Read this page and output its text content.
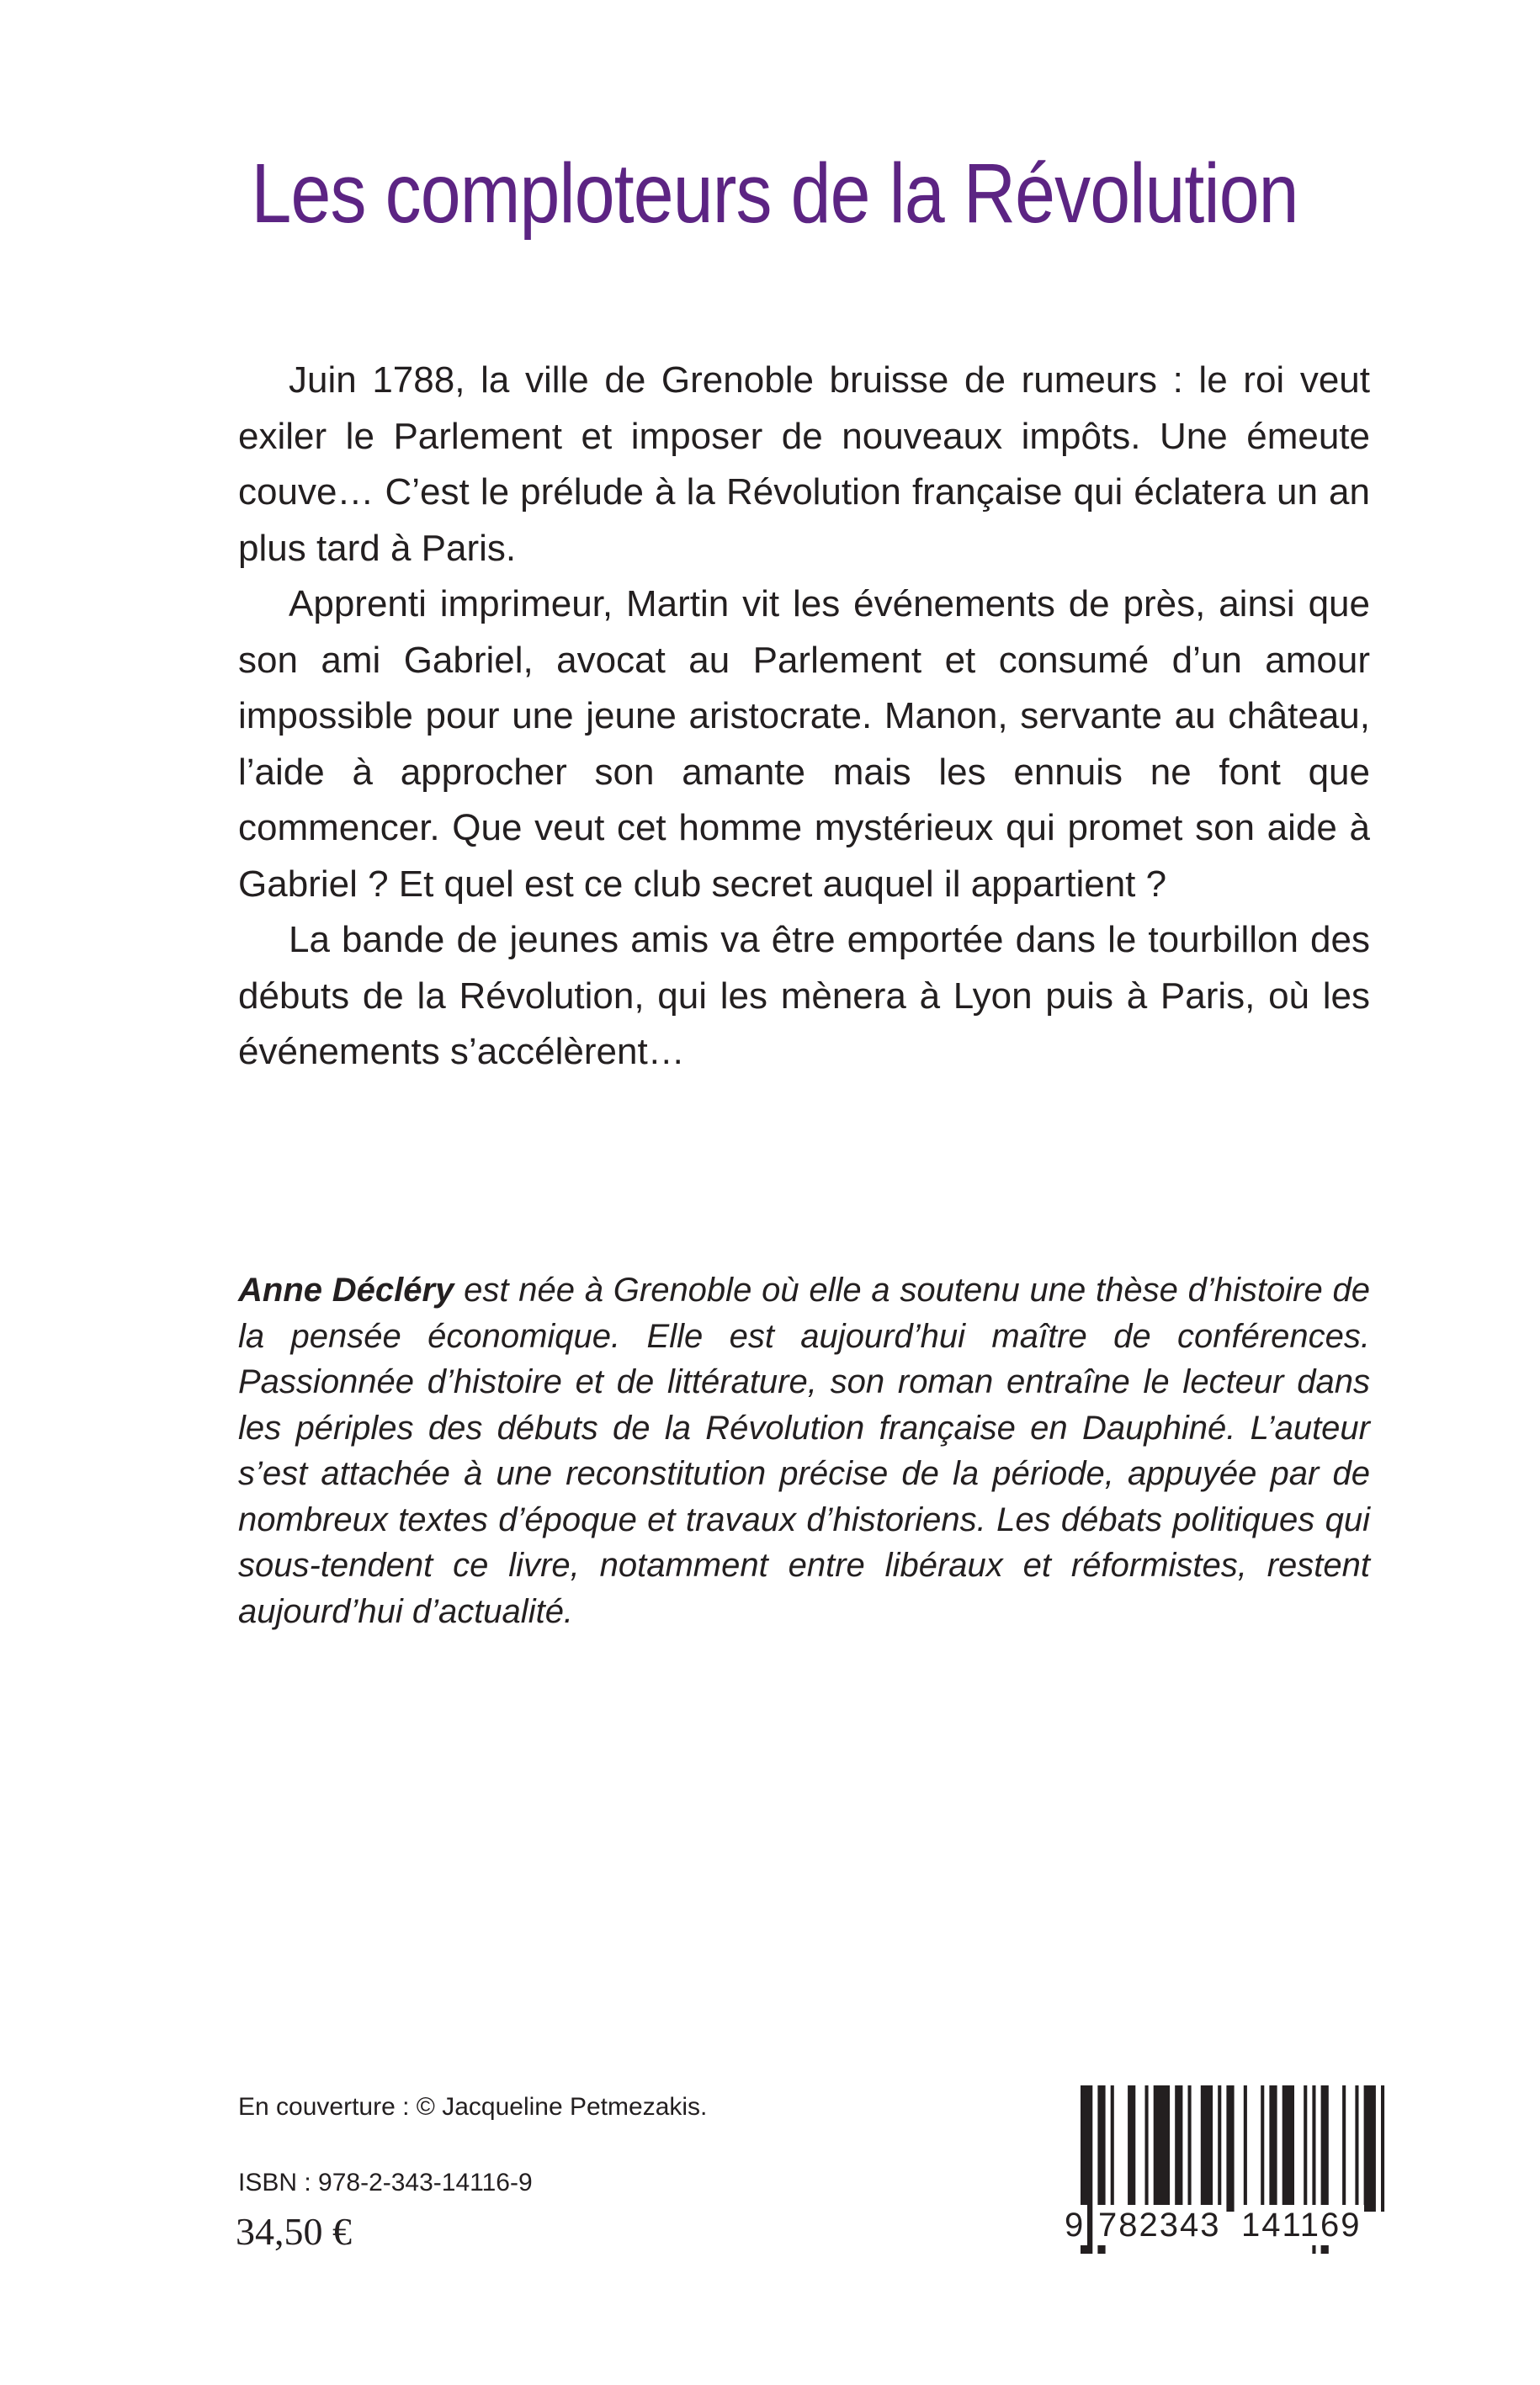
Les comploteurs de la Révolution

Juin 1788, la ville de Grenoble bruisse de rumeurs : le roi veut exiler le Parlement et imposer de nouveaux impôts. Une émeute couve… C’est le prélude à la Révolution française qui éclatera un an plus tard à Paris.

Apprenti imprimeur, Martin vit les événements de près, ainsi que son ami Gabriel, avocat au Parlement et consumé d’un amour impossible pour une jeune aristocrate. Manon, servante au château, l’aide à approcher son amante mais les ennuis ne font que commencer. Que veut cet homme mystérieux qui promet son aide à Gabriel ? Et quel est ce club secret auquel il appartient ?

La bande de jeunes amis va être emportée dans le tourbillon des débuts de la Révolution, qui les mènera à Lyon puis à Paris, où les événements s’accélèrent…

Anne Décléry est née à Grenoble où elle a soutenu une thèse d’histoire de la pensée économique. Elle est aujourd’hui maître de conférences. Passionnée d’histoire et de littérature, son roman entraîne le lecteur dans les périples des débuts de la Révolution française en Dauphiné. L’auteur s’est attachée à une reconstitution précise de la période, appuyée par de nombreux textes d’époque et travaux d’historiens. Les débats politiques qui sous-tendent ce livre, notamment entre libéraux et réformistes, restent aujourd’hui d’actualité.
En couverture : © Jacqueline Petmezakis.
ISBN : 978-2-343-14116-9
34,50 €	9 782343 141169
